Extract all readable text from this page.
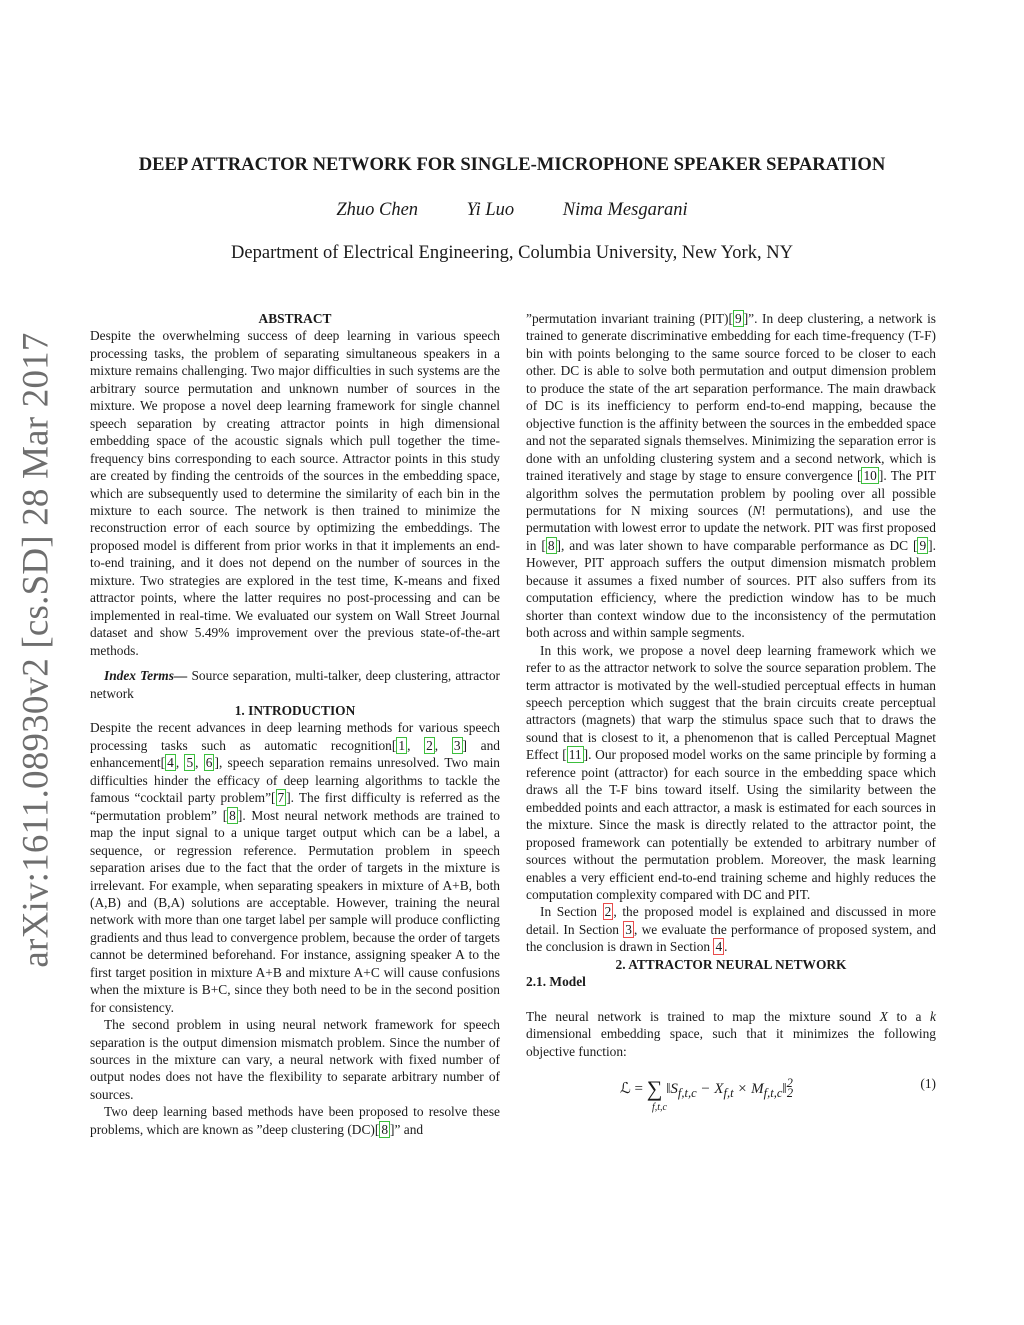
arXiv:1611.08930v2 [cs.SD] 28 Mar 2017
DEEP ATTRACTOR NETWORK FOR SINGLE-MICROPHONE SPEAKER SEPARATION
Zhuo Chen	Yi Luo	Nima Mesgarani
Department of Electrical Engineering, Columbia University, New York, NY

ABSTRACT

Despite the overwhelming success of deep learning in various speech processing tasks, the problem of separating simultaneous speakers in a mixture remains challenging. Two major difficulties in such systems are the arbitrary source permutation and unknown number of sources in the mixture. We propose a novel deep learning framework for single channel speech separation by creating attractor points in high dimensional embedding space of the acoustic signals which pull together the time-frequency bins corresponding to each source. Attractor points in this study are created by finding the centroids of the sources in the embedding space, which are subsequently used to determine the similarity of each bin in the mixture to each source. The network is then trained to minimize the reconstruction error of each source by optimizing the embeddings. The proposed model is different from prior works in that it implements an end-to-end training, and it does not depend on the number of sources in the mixture. Two strategies are explored in the test time, K-means and fixed attractor points, where the latter requires no post-processing and can be implemented in real-time. We evaluated our system on Wall Street Journal dataset and show 5.49% improvement over the previous state-of-the-art methods.

Index Terms— Source separation, multi-talker, deep clustering, attractor network

1. INTRODUCTION

Despite the recent advances in deep learning methods for various speech processing tasks such as automatic recognition[ 1 , 2 , 3 ] and enhancement[ 4 , 5 , 6 ], speech separation remains unresolved. Two main difficulties hinder the efficacy of deep learning algorithms to tackle the famous “cocktail party problem”[ 7 ]. The first difficulty is referred as the “permutation problem” [ 8 ]. Most neural network methods are trained to map the input signal to a unique target output which can be a label, a sequence, or regression reference. Permutation problem in speech separation arises due to the fact that the order of targets in the mixture is irrelevant. For example, when separating speakers in mixture of A+B, both (A,B) and (B,A) solutions are acceptable. However, training the neural network with more than one target label per sample will produce conflicting gradients and thus lead to convergence problem, because the order of targets cannot be determined beforehand. For instance, assigning speaker A to the first target position in mixture A+B and mixture A+C will cause confusions when the mixture is B+C, since they both need to be in the second position for consistency.

The second problem in using neural network framework for speech separation is the output dimension mismatch problem. Since the number of sources in the mixture can vary, a neural network with fixed number of output nodes does not have the flexibility to separate arbitrary number of sources.

Two deep learning based methods have been proposed to resolve these problems, which are known as ”deep clustering (DC)[ 8 ]” and

”permutation invariant training (PIT)[ 9 ]”. In deep clustering, a network is trained to generate discriminative embedding for each time-frequency (T-F) bin with points belonging to the same source forced to be closer to each other. DC is able to solve both permutation and output dimension problem to produce the state of the art separation performance. The main drawback of DC is its inefficiency to perform end-to-end mapping, because the objective function is the affinity between the sources in the embedded space and not the separated signals themselves. Minimizing the separation error is done with an unfolding clustering system and a second network, which is trained iteratively and stage by stage to ensure convergence [ 10 ]. The PIT algorithm solves the permutation problem by pooling over all possible permutations for N mixing sources (N! permutations), and use the permutation with lowest error to update the network. PIT was first proposed in [ 8 ], and was later shown to have comparable performance as DC [ 9 ]. However, PIT approach suffers the output dimension mismatch problem because it assumes a fixed number of sources. PIT also suffers from its computation efficiency, where the prediction window has to be much shorter than context window due to the inconsistency of the permutation both across and within sample segments.

In this work, we propose a novel deep learning framework which we refer to as the attractor network to solve the source separation problem. The term attractor is motivated by the well-studied perceptual effects in human speech perception which suggest that the brain circuits create perceptual attractors (magnets) that warp the stimulus space such that to draws the sound that is closest to it, a phenomenon that is called Perceptual Magnet Effect [ 11 ]. Our proposed model works on the same principle by forming a reference point (attractor) for each source in the embedding space which draws all the T-F bins toward itself. Using the similarity between the embedded points and each attractor, a mask is estimated for each sources in the mixture. Since the mask is directly related to the attractor point, the proposed framework can potentially be extended to arbitrary number of sources without the permutation problem. Moreover, the mask learning enables a very efficient end-to-end training scheme and highly reduces the computation complexity compared with DC and PIT.

In Section 2 , the proposed model is explained and discussed in more detail. In Section 3 , we evaluate the performance of proposed system, and the conclusion is drawn in Section 4 .

2. ATTRACTOR NEURAL NETWORK

2.1. Model

The neural network is trained to map the mixture sound X to a k dimensional embedding space, such that it minimizes the following objective function:

ℒ = ∑ $‖S_{f,t,c} - X_{f,t}$ × $M_{f,t,c}‖^2_2$
f,t,c
(1)
